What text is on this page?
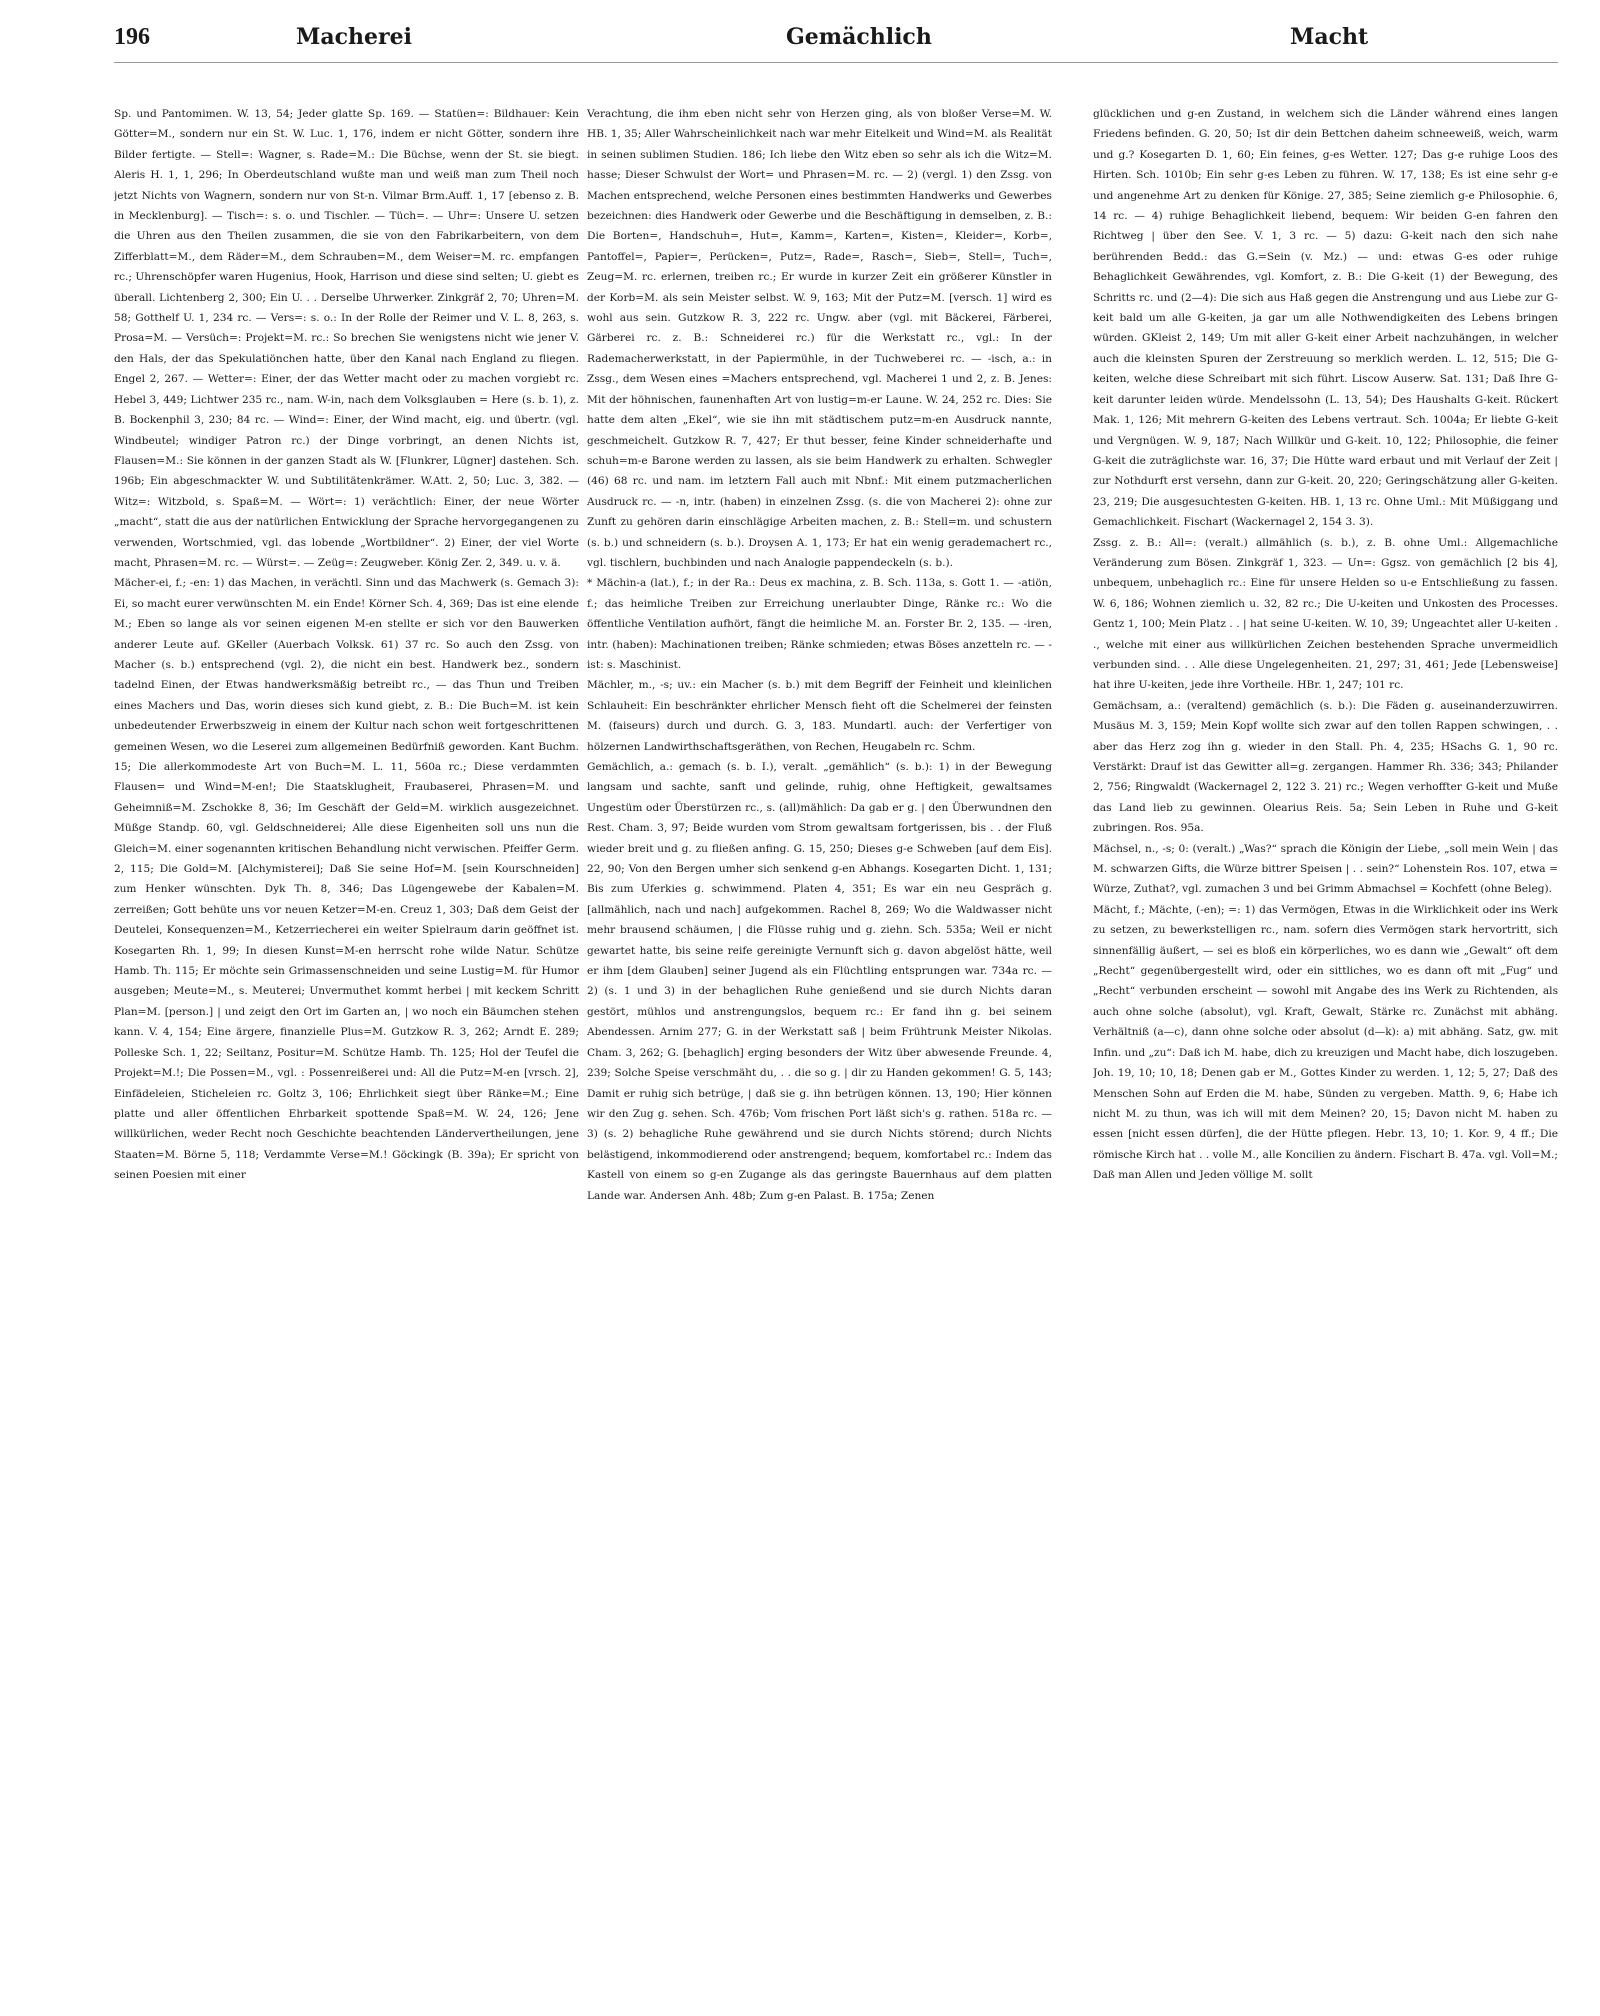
196	Macherei	Gemächlich	Macht

Sp. und Pantomimen. W. 13, 54; Jeder glatte Sp. 169. — Statüen=: Bildhauer: Kein Götter=M., sondern nur ein St. W. Luc. 1, 176, indem er nicht Götter, sondern ihre Bilder fertigte. — Stell=: Wagner, s. Rade=M.: Die Büchse, wenn der St. sie biegt. Aleris H. 1, 1, 296; In Oberdeutschland wußte man und weiß man zum Theil noch jetzt Nichts von Wagnern, sondern nur von St-n. Vilmar Brm.Auff. 1, 17 [ebenso z. B. in Mecklenburg]. — Tisch=: s. o. und Tischler. — Tüch=. — Uhr=: Unsere U. setzen die Uhren aus den Theilen zusammen, die sie von den Fabrikarbeitern, von dem Zifferblatt=M., dem Räder=M., dem Schrauben=M., dem Weiser=M. rc. empfangen rc.; Uhrenschöpfer waren Hugenius, Hook, Harrison und diese sind selten; U. giebt es überall. Lichtenberg 2, 300; Ein U. . . Derselbe Uhrwerker. Zinkgräf 2, 70; Uhren=M. 58; Gotthelf U. 1, 234 rc. — Vers=: s. o.: In der Rolle der Reimer und V. L. 8, 263, s. Prosa=M. — Versüch=: Projekt=M. rc.: So brechen Sie wenigstens nicht wie jener V. den Hals, der das Spekulatiönchen hatte, über den Kanal nach England zu fliegen. Engel 2, 267. — Wetter=: Einer, der das Wetter macht oder zu machen vorgiebt rc. Hebel 3, 449; Lichtwer 235 rc., nam. W-in, nach dem Volksglauben = Here (s. b. 1), z. B. Bockenphil 3, 230; 84 rc. — Wind=: Einer, der Wind macht, eig. und übertr. (vgl. Windbeutel; windiger Patron rc.) der Dinge vorbringt, an denen Nichts ist, Flausen=M.: Sie können in der ganzen Stadt als W. [Flunkrer, Lügner] dastehen. Sch. 196b; Ein abgeschmackter W. und Subtilitätenkrämer. W.Att. 2, 50; Luc. 3, 382. — Witz=: Witzbold, s. Spaß=M. — Wört=: 1) verächtlich: Einer, der neue Wörter „macht“, statt die aus der natürlichen Entwicklung der Sprache hervorgegangenen zu verwenden, Wortschmied, vgl. das lobende „Wortbildner“. 2) Einer, der viel Worte macht, Phrasen=M. rc. — Würst=. — Zeüg=: Zeugweber. König Zer. 2, 349. u. v. ä.
Mächer-ei, f.; -en: 1) das Machen, in verächtl. Sinn und das Machwerk (s. Gemach 3): Ei, so macht eurer verwünschten M. ein Ende! Körner Sch. 4, 369; Das ist eine elende M.; Eben so lange als vor seinen eigenen M-en stellte er sich vor den Bauwerken anderer Leute auf. GKeller (Auerbach Volksk. 61) 37 rc. So auch den Zssg. von Macher (s. b.) entsprechend (vgl. 2), die nicht ein best. Handwerk bez., sondern tadelnd Einen, der Etwas handwerksmäßig betreibt rc., — das Thun und Treiben eines Machers und Das, worin dieses sich kund giebt, z. B.: Die Buch=M. ist kein unbedeutender Erwerbszweig in einem der Kultur nach schon weit fortgeschrittenen gemeinen Wesen, wo die Leserei zum allgemeinen Bedürfniß geworden. Kant Buchm. 15; Die allerkommodeste Art von Buch=M. L. 11, 560a rc.; Diese verdammten Flausen= und Wind=M-en!; Die Staatsklugheit, Fraubaserei, Phrasen=M. und Geheimniß=M. Zschokke 8, 36; Im Geschäft der Geld=M. wirklich ausgezeichnet. Müßge Standp. 60, vgl. Geldschneiderei; Alle diese Eigenheiten soll uns nun die Gleich=M. einer sogenannten kritischen Behandlung nicht verwischen. Pfeiffer Germ. 2, 115; Die Gold=M. [Alchymisterei]; Daß Sie seine Hof=M. [sein Kourschneiden] zum Henker wünschten. Dyk Th. 8, 346; Das Lügengewebe der Kabalen=M. zerreißen; Gott behüte uns vor neuen Ketzer=M-en. Creuz 1, 303; Daß dem Geist der Deutelei, Konsequenzen=M., Ketzerriecherei ein weiter Spielraum darin geöffnet ist. Kosegarten Rh. 1, 99; In diesen Kunst=M-en herrscht rohe wilde Natur. Schütze Hamb. Th. 115; Er möchte sein Grimassenschneiden und seine Lustig=M. für Humor ausgeben; Meute=M., s. Meuterei; Unvermuthet kommt herbei | mit keckem Schritt Plan=M. [person.] | und zeigt den Ort im Garten an, | wo noch ein Bäumchen stehen kann. V. 4, 154; Eine ärgere, finanzielle Plus=M. Gutzkow R. 3, 262; Arndt E. 289; Polleske Sch. 1, 22; Seiltanz, Positur=M. Schütze Hamb. Th. 125; Hol der Teufel die Projekt=M.!; Die Possen=M., vgl. : Possenreißerei und: All die Putz=M-en [vrsch. 2], Einfädeleien, Sticheleien rc. Goltz 3, 106; Ehrlichkeit siegt über Ränke=M.; Eine platte und aller öffentlichen Ehrbarkeit spottende Spaß=M. W. 24, 126; Jene willkürlichen, weder Recht noch Geschichte beachtenden Ländervertheilungen, jene Staaten=M. Börne 5, 118; Verdammte Verse=M.! Göckingk (B. 39a); Er spricht von seinen Poesien mit einer

Verachtung, die ihm eben nicht sehr von Herzen ging, als von bloßer Verse=M. W. HB. 1, 35; Aller Wahrscheinlichkeit nach war mehr Eitelkeit und Wind=M. als Realität in seinen sublimen Studien. 186; Ich liebe den Witz eben so sehr als ich die Witz=M. hasse; Dieser Schwulst der Wort= und Phrasen=M. rc. — 2) (vergl. 1) den Zssg. von Machen entsprechend, welche Personen eines bestimmten Handwerks und Gewerbes bezeichnen: dies Handwerk oder Gewerbe und die Beschäftigung in demselben, z. B.: Die Borten=, Handschuh=, Hut=, Kamm=, Karten=, Kisten=, Kleider=, Korb=, Pantoffel=, Papier=, Perücken=, Putz=, Rade=, Rasch=, Sieb=, Stell=, Tuch=, Zeug=M. rc. erlernen, treiben rc.; Er wurde in kurzer Zeit ein größerer Künstler in der Korb=M. als sein Meister selbst. W. 9, 163; Mit der Putz=M. [versch. 1] wird es wohl aus sein. Gutzkow R. 3, 222 rc. Ungw. aber (vgl. mit Bäckerei, Färberei, Gärberei rc. z. B.: Schneiderei rc.) für die Werkstatt rc., vgl.: In der Rademacherwerkstatt, in der Papiermühle, in der Tuchweberei rc. — -isch, a.: in Zssg., dem Wesen eines =Machers entsprechend, vgl. Macherei 1 und 2, z. B. Jenes: Mit der höhnischen, faunenhaften Art von lustig=m-er Laune. W. 24, 252 rc. Dies: Sie hatte dem alten „Ekel“, wie sie ihn mit städtischem putz=m-en Ausdruck nannte, geschmeichelt. Gutzkow R. 7, 427; Er thut besser, feine Kinder schneiderhafte und schuh=m-e Barone werden zu lassen, als sie beim Handwerk zu erhalten. Schwegler (46) 68 rc. und nam. im letztern Fall auch mit Nbnf.: Mit einem putzmacherlichen Ausdruck rc. — -n, intr. (haben) in einzelnen Zssg. (s. die von Macherei 2): ohne zur Zunft zu gehören darin einschlägige Arbeiten machen, z. B.: Stell=m. und schustern (s. b.) und schneidern (s. b.). Droysen A. 1, 173; Er hat ein wenig gerademachert rc., vgl. tischlern, buchbinden und nach Analogie pappendeckeln (s. b.).
* Mächin-a (lat.), f.; in der Ra.: Deus ex machina, z. B. Sch. 113a, s. Gott 1. — -atiön, f.; das heimliche Treiben zur Erreichung unerlaubter Dinge, Ränke rc.: Wo die öffentliche Ventilation aufhört, fängt die heimliche M. an. Forster Br. 2, 135. — -iren, intr. (haben): Machinationen treiben; Ränke schmieden; etwas Böses anzetteln rc. — -ist: s. Maschinist.
Mächler, m., -s; uv.: ein Macher (s. b.) mit dem Begriff der Feinheit und kleinlichen Schlauheit: Ein beschränkter ehrlicher Mensch fieht oft die Schelmerei der feinsten M. (faiseurs) durch und durch. G. 3, 183. Mundartl. auch: der Verfertiger von hölzernen Landwirthschaftsgeräthen, von Rechen, Heugabeln rc. Schm.
Gemächlich, a.: gemach (s. b. I.), veralt. „gemählich“ (s. b.): 1) in der Bewegung langsam und sachte, sanft und gelinde, ruhig, ohne Heftigkeit, gewaltsames Ungestüm oder Überstürzen rc., s. (all)mählich: Da gab er g. | den Überwundnen den Rest. Cham. 3, 97; Beide wurden vom Strom gewaltsam fortgerissen, bis . . der Fluß wieder breit und g. zu fließen anfing. G. 15, 250; Dieses g-e Schweben [auf dem Eis]. 22, 90; Von den Bergen umher sich senkend g-en Abhangs. Kosegarten Dicht. 1, 131; Bis zum Uferkies g. schwimmend. Platen 4, 351; Es war ein neu Gespräch g. [allmählich, nach und nach] aufgekommen. Rachel 8, 269; Wo die Waldwasser nicht mehr brausend schäumen, | die Flüsse ruhig und g. ziehn. Sch. 535a; Weil er nicht gewartet hatte, bis seine reife gereinigte Vernunft sich g. davon abgelöst hätte, weil er ihm [dem Glauben] seiner Jugend als ein Flüchtling entsprungen war. 734a rc. — 2) (s. 1 und 3) in der behaglichen Ruhe genießend und sie durch Nichts daran gestört, mühlos und anstrengungslos, bequem rc.: Er fand ihn g. bei seinem Abendessen. Arnim 277; G. in der Werkstatt saß | beim Frühtrunk Meister Nikolas. Cham. 3, 262; G. [behaglich] erging besonders der Witz über abwesende Freunde. 4, 239; Solche Speise verschmäht du, . . die so g. | dir zu Handen gekommen! G. 5, 143; Damit er ruhig sich betrüge, | daß sie g. ihn betrügen können. 13, 190; Hier können wir den Zug g. sehen. Sch. 476b; Vom frischen Port läßt sich's g. rathen. 518a rc. — 3) (s. 2) behagliche Ruhe gewährend und sie durch Nichts störend; durch Nichts belästigend, inkommodierend oder anstrengend; bequem, komfortabel rc.: Indem das Kastell von einem so g-en Zugange als das geringste Bauernhaus auf dem platten Lande war. Andersen Anh. 48b; Zum g-en Palast. B. 175a; Zenen

glücklichen und g-en Zustand, in welchem sich die Länder während eines langen Friedens befinden. G. 20, 50; Ist dir dein Bettchen daheim schneeweiß, weich, warm und g.? Kosegarten D. 1, 60; Ein feines, g-es Wetter. 127; Das g-e ruhige Loos des Hirten. Sch. 1010b; Ein sehr g-es Leben zu führen. W. 17, 138; Es ist eine sehr g-e und angenehme Art zu denken für Könige. 27, 385; Seine ziemlich g-e Philosophie. 6, 14 rc. — 4) ruhige Behaglichkeit liebend, bequem: Wir beiden G-en fahren den Richtweg | über den See. V. 1, 3 rc. — 5) dazu: G-keit nach den sich nahe berührenden Bedd.: das G.=Sein (v. Mz.) — und: etwas G-es oder ruhige Behaglichkeit Gewährendes, vgl. Komfort, z. B.: Die G-keit (1) der Bewegung, des Schritts rc. und (2—4): Die sich aus Haß gegen die Anstrengung und aus Liebe zur G-keit bald um alle G-keiten, ja gar um alle Nothwendigkeiten des Lebens bringen würden. GKleist 2, 149; Um mit aller G-keit einer Arbeit nachzuhängen, in welcher auch die kleinsten Spuren der Zerstreuung so merklich werden. L. 12, 515; Die G-keiten, welche diese Schreibart mit sich führt. Liscow Auserw. Sat. 131; Daß Ihre G-keit darunter leiden würde. Mendelssohn (L. 13, 54); Des Haushalts G-keit. Rückert Mak. 1, 126; Mit mehrern G-keiten des Lebens vertraut. Sch. 1004a; Er liebte G-keit und Vergnügen. W. 9, 187; Nach Willkür und G-keit. 10, 122; Philosophie, die feiner G-keit die zuträglichste war. 16, 37; Die Hütte ward erbaut und mit Verlauf der Zeit | zur Nothdurft erst versehn, dann zur G-keit. 20, 220; Geringschätzung aller G-keiten. 23, 219; Die ausgesuchtesten G-keiten. HB. 1, 13 rc. Ohne Uml.: Mit Müßiggang und Gemachlichkeit. Fischart (Wackernagel 2, 154 3. 3).
Zssg. z. B.: All=: (veralt.) allmählich (s. b.), z. B. ohne Uml.: Allgemachliche Veränderung zum Bösen. Zinkgräf 1, 323. — Un=: Ggsz. von gemächlich [2 bis 4], unbequem, unbehaglich rc.: Eine für unsere Helden so u-e Entschließung zu fassen. W. 6, 186; Wohnen ziemlich u. 32, 82 rc.; Die U-keiten und Unkosten des Processes. Gentz 1, 100; Mein Platz . . | hat seine U-keiten. W. 10, 39; Ungeachtet aller U-keiten . ., welche mit einer aus willkürlichen Zeichen bestehenden Sprache unvermeidlich verbunden sind. . . Alle diese Ungelegenheiten. 21, 297; 31, 461; Jede [Lebensweise] hat ihre U-keiten, jede ihre Vortheile. HBr. 1, 247; 101 rc.
Gemächsam, a.: (veraltend) gemächlich (s. b.): Die Fäden g. auseinanderzuwirren. Musäus M. 3, 159; Mein Kopf wollte sich zwar auf den tollen Rappen schwingen, . . aber das Herz zog ihn g. wieder in den Stall. Ph. 4, 235; HSachs G. 1, 90 rc. Verstärkt: Drauf ist das Gewitter all=g. zergangen. Hammer Rh. 336; 343; Philander 2, 756; Ringwaldt (Wackernagel 2, 122 3. 21) rc.; Wegen verhoffter G-keit und Muße das Land lieb zu gewinnen. Olearius Reis. 5a; Sein Leben in Ruhe und G-keit zubringen. Ros. 95a.
Mächsel, n., -s; 0: (veralt.) „Was?“ sprach die Königin der Liebe, „soll mein Wein | das M. schwarzen Gifts, die Würze bittrer Speisen | . . sein?“ Lohenstein Ros. 107, etwa = Würze, Zuthat?, vgl. zumachen 3 und bei Grimm Abmachsel = Kochfett (ohne Beleg).
Mächt, f.; Mächte, (-en); =: 1) das Vermögen, Etwas in die Wirklichkeit oder ins Werk zu setzen, zu bewerkstelligen rc., nam. sofern dies Vermögen stark hervortritt, sich sinnenfällig äußert, — sei es bloß ein körperliches, wo es dann wie „Gewalt“ oft dem „Recht“ gegenübergestellt wird, oder ein sittliches, wo es dann oft mit „Fug“ und „Recht“ verbunden erscheint — sowohl mit Angabe des ins Werk zu Richtenden, als auch ohne solche (absolut), vgl. Kraft, Gewalt, Stärke rc. Zunächst mit abhäng. Verhältniß (a—c), dann ohne solche oder absolut (d—k): a) mit abhäng. Satz, gw. mit Infin. und „zu“: Daß ich M. habe, dich zu kreuzigen und Macht habe, dich loszugeben. Joh. 19, 10; 10, 18; Denen gab er M., Gottes Kinder zu werden. 1, 12; 5, 27; Daß des Menschen Sohn auf Erden die M. habe, Sünden zu vergeben. Matth. 9, 6; Habe ich nicht M. zu thun, was ich will mit dem Meinen? 20, 15; Davon nicht M. haben zu essen [nicht essen dürfen], die der Hütte pflegen. Hebr. 13, 10; 1. Kor. 9, 4 ff.; Die römische Kirch hat . . volle M., alle Koncilien zu ändern. Fischart B. 47a. vgl. Voll=M.; Daß man Allen und Jeden völlige M. sollt
